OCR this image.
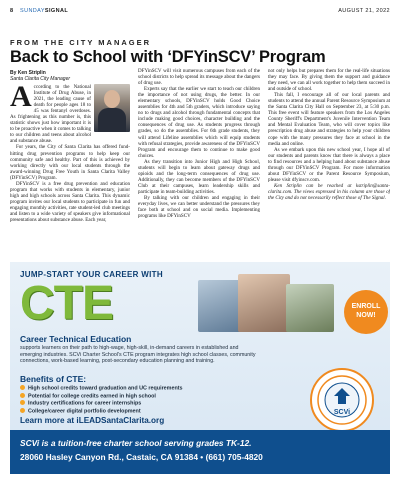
8 SUNDAYSIGNAL	AUGUST 21, 2022
FROM THE CITY MANAGER
Back to School with ‘DFYinSCV’ Program
By Ken Striplin
Santa Clarita City Manager

According to the National Institute of Drug Abuse, in 2021, the leading cause of death for people ages 18 to 45 was fentanyl overdoses. As frightening as this number is, this statistic shows just how important it is to be proactive when it comes to talking to our children and teens about alcohol and substance abuse.

For years, the City of Santa Clarita has offered fund-hitting drug prevention programs to help keep our community safe and healthy. Part of this is achieved by working directly with our local students through the award-winning Drug Free Youth in Santa Clarita Valley (DFYinSCV) Program.

DFYinSCV is a free drug prevention and education program that works with students in elementary, junior high and high schools across Santa Clarita. This dynamic program invites our local students to participate in fun and engaging monthly activities, rate student-led club meetings and listen to a wide variety of speakers give informational presentations about substance abuse. Each year,

DFYinSCV will visit numerous campuses from each of the school districts to help spread its message about the dangers of drug use.

Experts say that the earlier we start to teach our children the importance of not using drugs, the better. In our elementary schools, DFYinSCV holds Good Choice assemblies for 4th and 5th graders, which introduce saying no to drugs and alcohol through fundamental concepts that include making good choices, character building and the consequences of drug use. As students progress through grades, so do the assemblies. For 6th grade students, they will attend Lifeline assemblies which will equip students with refusal strategies, provide awareness of the DFYinSCV Program and encourage them to continue to make good choices.

As they transition into Junior High and High School, students will begin to learn about gateway drugs and opioids and the long-term consequences of drug use. Additionally, they can become members of the DFYinSCV Club at their campuses, learn leadership skills and participate in team-building activities.

By talking with our children and engaging in their everyday lives, we can better understand the pressures they face both at school and on social media. Implementing programs like DFYinSCV

not only helps but prepares them for the real-life situations they may face. By giving them the support and guidance they need, we can all work together to help them succeed in and outside of school.

This fall, I encourage all of our local parents and students to attend the annual Parent Resource Symposium at the Santa Clarita City Hall on September 23, at 5:30 p.m. This free event will feature speakers from the Los Angeles County Sheriff's Department's Juvenile Intervention Team and Mental Evaluation Team, who will cover topics like prescription drug abuse and strategies to help your children cope with the many pressures they face at school in the media and online.

As we embark upon this new school year, I hope all of our students and parents know that there is always a place to find resources and a helping hand about substance abuse through our DFYinSCV Program. For more information about DFYinSCV or the Parent Resource Symposium, please visit dfyinscv.com.

Ken Striplin can be reached at kstriplin@santa-clarita.com. The views expressed in his column are those of the City and do not necessarily reflect those of The Signal.

JUMP-START YOUR CAREER WITH
CTE	ENROLL
NOW!
Career Technical Education
supports learners on their path to high-wage, high-skill, in-demand careers in established and emerging industries. SCVi Charter School's CTE program integrates high school classes, community connections, work-based learning, post-secondary education planning and training.
Benefits of CTE:
High school credits toward graduation and UC requirements
Potential for college credits earned in high school
Industry certifications for career internships
College/career digital portfolio development
Learn more at iLEADSantaClarita.org
SCVi
SCVi is a tuition-free charter school serving grades TK-12.
28060 Hasley Canyon Rd., Castaic, CA 91384 • (661) 705-4820
